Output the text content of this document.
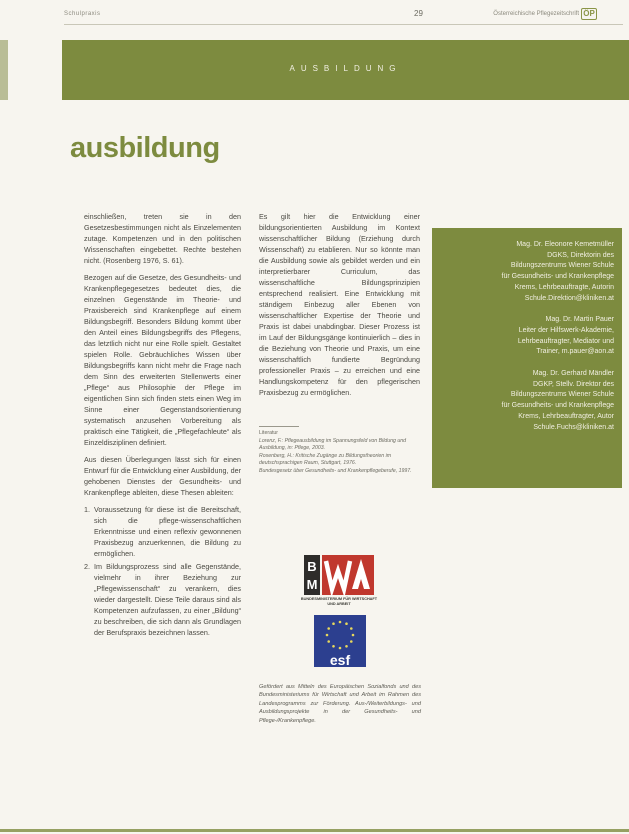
Schulpraxis	29	Österreichische Pflegezeitschrift ÖP
AUSBILDUNG
ausbildung

einschließen, treten sie in den Gesetzesbestimmungen nicht als Einzelementen zutage. Kompetenzen und in den politischen Wissenschaften eingebettet. Rechte bestehen nicht. (Rosenberg 1976, S. 61).

Bezogen auf die Gesetze, des Gesundheits- und Krankenpflegegesetzes bedeutet dies, die einzelnen Gegenstände im Theorie- und Praxisbereich sind Krankenpflege auf einem Bildungsbegriff. Besonders Bildung kommt über den Anteil eines Bildungsbegriffs des Pflegens, das letztlich nicht nur eine Rolle spielt. Gestaltet spielen Rolle. Gebräuchliches Wissen über Bildungsbegriffs kann nicht mehr die Frage nach dem Sinn des erweiterten Stellenwerts einer „Pflege“ aus Philosophie der Pflege im eigentlichen Sinn sich finden stets einen Weg im Sinne einer Gegenstandsorientierung systematisch anzusehen Vorbereitung als praktisch eine Tätigkeit, die „Pflegefachleute“ als Einzeldisziplinen definiert.

Aus diesen Überlegungen lässt sich für einen Entwurf für die Entwicklung einer Ausbildung, der gehobenen Dienstes der Gesundheits- und Krankenpflege ableiten, diese Thesen ableiten:

1. Voraussetzung für diese ist die Bereitschaft, sich die pflege-wissenschaftlichen Erkenntnisse und einen reflexiv gewonnenen Praxisbezug anzuerkennen, die Bildung zu ermöglichen.
2. Im Bildungsprozess sind alle Gegenstände, vielmehr in ihrer Beziehung zur „Pflegewissenschaft“ zu verankern, dies wieder dargestellt. Diese Teile daraus sind als Kompetenzen aufzufassen, zu einer „Bildung“ zu beschreiben, die sich dann als Grundlagen der Berufspraxis bezeichnen lassen.

Es gilt hier die Entwicklung einer bildungsorientierten Ausbildung im Kontext wissenschaftlicher Bildung (Erziehung durch Wissenschaft) zu etablieren. Nur so könnte man die Ausbildung sowie als gebildet werden und ein interpretierbarer Curriculum, das wissenschaftliche Bildungsprinzipien entsprechend realisiert. Eine Entwicklung mit ständigem Einbezug aller Ebenen von wissenschaftlicher Expertise der Theorie und Praxis ist dabei unabdingbar. Dieser Prozess ist im Lauf der Bildungsgänge kontinuierlich – dies in die Beziehung von Theorie und Praxis, um eine wissenschaftlich fundierte Begründung professioneller Praxis – zu erreichen und eine Handlungskompetenz für den pflegerischen Praxisbezug zu ermöglichen.

Literatur
Lorenz, F.: Pflegeausbildung im Spannungsfeld von Bildung und Ausbildung, in: Pflege, 2003.
Rosenberg, H.: Kritische Zugänge zu Bildungstheorien im deutschsprachigen Raum, Stuttgart, 1976.
Bundesgesetz über Gesundheits- und Krankenpflegeberufe, 1997.
Mag. Dr. Eleonore Kemetmüller
DGKS, Direktorin des
Bildungszentrums Wiener Schule
für Gesundheits- und Krankenpflege
Krems, Lehrbeauftragte, Autorin
Schule.Direktion@kliniken.at
Mag. Dr. Martin Pauer
Leiter der Hilfswerk-Akademie,
Lehrbeauftragter, Mediator und
Trainer, m.pauer@aon.at
Mag. Dr. Gerhard Mändler
DGKP, Stellv. Direktor des
Bildungszentrums Wiener Schule
für Gesundheits- und Krankenpflege
Krems, Lehrbeauftragter, Autor
Schule.Fuchs@kliniken.at
B
M
BUNDESMINISTERIUM FÜR WIRTSCHAFT UND ARBEIT
esf
Gefördert aus Mitteln des Europäischen Sozialfonds und des Bundesministeriums für Wirtschaft und Arbeit im Rahmen des Landesprogramms zur Förderung. Aus-/Weiterbildungs- und Ausbildungsprojekte in der Gesundheits- und Pflege-/Krankenpflege.
